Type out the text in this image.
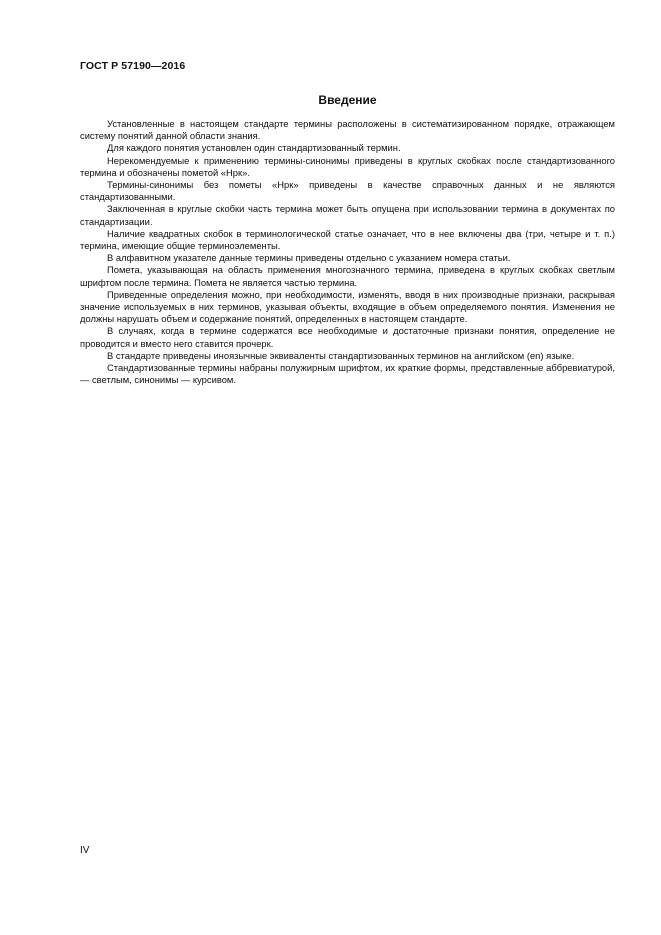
ГОСТ Р 57190—2016
Введение

Установленные в настоящем стандарте термины расположены в систематизированном порядке, отражающем систему понятий данной области знания.

Для каждого понятия установлен один стандартизованный термин.

Нерекомендуемые к применению термины-синонимы приведены в круглых скобках после стандартизованного термина и обозначены пометой «Нрк».

Термины-синонимы без пометы «Нрк» приведены в качестве справочных данных и не являются стандартизованными.

Заключенная в круглые скобки часть термина может быть опущена при использовании термина в документах по стандартизации.

Наличие квадратных скобок в терминологической статье означает, что в нее включены два (три, четыре и т. п.) термина, имеющие общие терминоэлементы.

В алфавитном указателе данные термины приведены отдельно с указанием номера статьи.

Помета, указывающая на область применения многозначного термина, приведена в круглых скобках светлым шрифтом после термина. Помета не является частью термина.

Приведенные определения можно, при необходимости, изменять, вводя в них производные признаки, раскрывая значение используемых в них терминов, указывая объекты, входящие в объем определяемого понятия. Изменения не должны нарушать объем и содержание понятий, определенных в настоящем стандарте.

В случаях, когда в термине содержатся все необходимые и достаточные признаки понятия, определение не проводится и вместо него ставится прочерк.

В стандарте приведены иноязычные эквиваленты стандартизованных терминов на английском (en) языке.

Стандартизованные термины набраны полужирным шрифтом, их краткие формы, представленные аббревиатурой, — светлым, синонимы — курсивом.

IV
